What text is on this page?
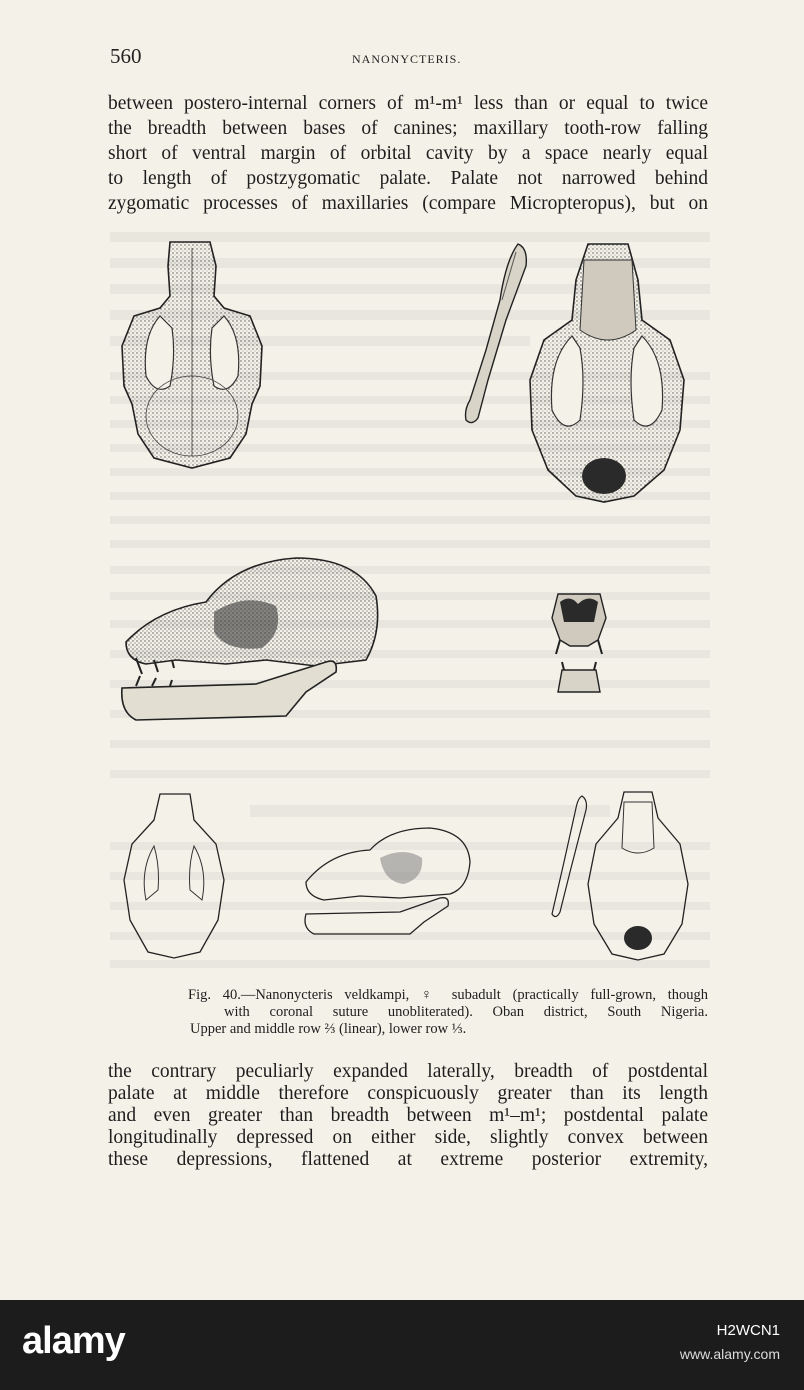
560	NANONYCTERIS.
between postero-internal corners of m¹-m¹ less than or equal to twice
the breadth between bases of canines; maxillary tooth-row falling
short of ventral margin of orbital cavity by a space nearly equal
to length of postzygomatic palate. Palate not narrowed behind
zygomatic processes of maxillaries (compare Micropteropus), but on
Fig. 40.—Nanonycteris veldkampi, ♀ subadult (practically full-grown, though
with coronal suture unobliterated). Oban district, South Nigeria.
Upper and middle row ⅔ (linear), lower row ⅓.
the contrary peculiarly expanded laterally, breadth of postdental
palate at middle therefore conspicuously greater than its length
and even greater than breadth between m¹–m¹; postdental palate
longitudinally depressed on either side, slightly convex between
these depressions, flattened at extreme posterior extremity,
alamy	H2WCN1
www.alamy.com
